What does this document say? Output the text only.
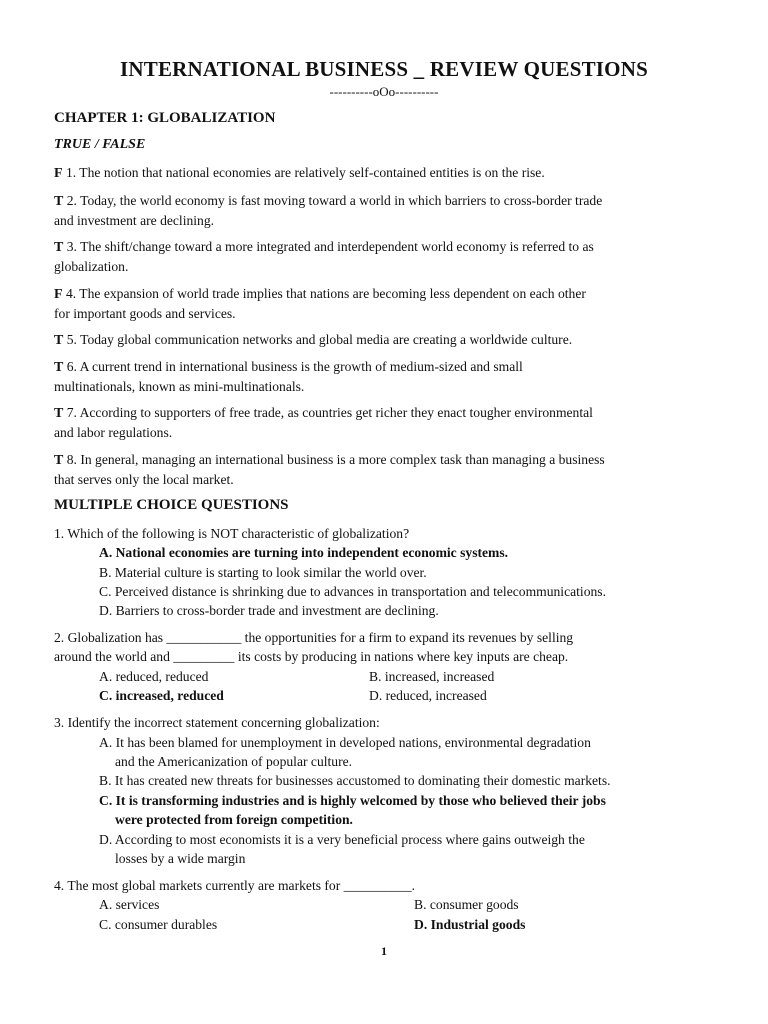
INTERNATIONAL BUSINESS _ REVIEW QUESTIONS
----------oOo----------
CHAPTER 1: GLOBALIZATION
TRUE / FALSE
F 1. The notion that national economies are relatively self-contained entities is on the rise.
T 2. Today, the world economy is fast moving toward a world in which barriers to cross-border trade
and investment are declining.
T 3. The shift/change toward a more integrated and interdependent world economy is referred to as
globalization.
F 4. The expansion of world trade implies that nations are becoming less dependent on each other
for important goods and services.
T 5. Today global communication networks and global media are creating a worldwide culture.
T 6. A current trend in international business is the growth of medium-sized and small
multinationals, known as mini-multinationals.
T 7. According to supporters of free trade, as countries get richer they enact tougher environmental
and labor regulations.
T 8. In general, managing an international business is a more complex task than managing a business
that serves only the local market.
MULTIPLE CHOICE QUESTIONS
1. Which of the following is NOT characteristic of globalization?
A. National economies are turning into independent economic systems.
B. Material culture is starting to look similar the world over.
C. Perceived distance is shrinking due to advances in transportation and telecommunications.
D. Barriers to cross-border trade and investment are declining.
2. Globalization has ___________ the opportunities for a firm to expand its revenues by selling
around the world and _________ its costs by producing in nations where key inputs are cheap.
A. reduced, reduced	B. increased, increased
C. increased, reduced	D. reduced, increased
3. Identify the incorrect statement concerning globalization:
A. It has been blamed for unemployment in developed nations, environmental degradation
and the Americanization of popular culture.
B. It has created new threats for businesses accustomed to dominating their domestic markets.
C. It is transforming industries and is highly welcomed by those who believed their jobs
were protected from foreign competition.
D. According to most economists it is a very beneficial process where gains outweigh the
losses by a wide margin
4. The most global markets currently are markets for __________.
A. services	B. consumer goods
C. consumer durables	D. Industrial goods
1
